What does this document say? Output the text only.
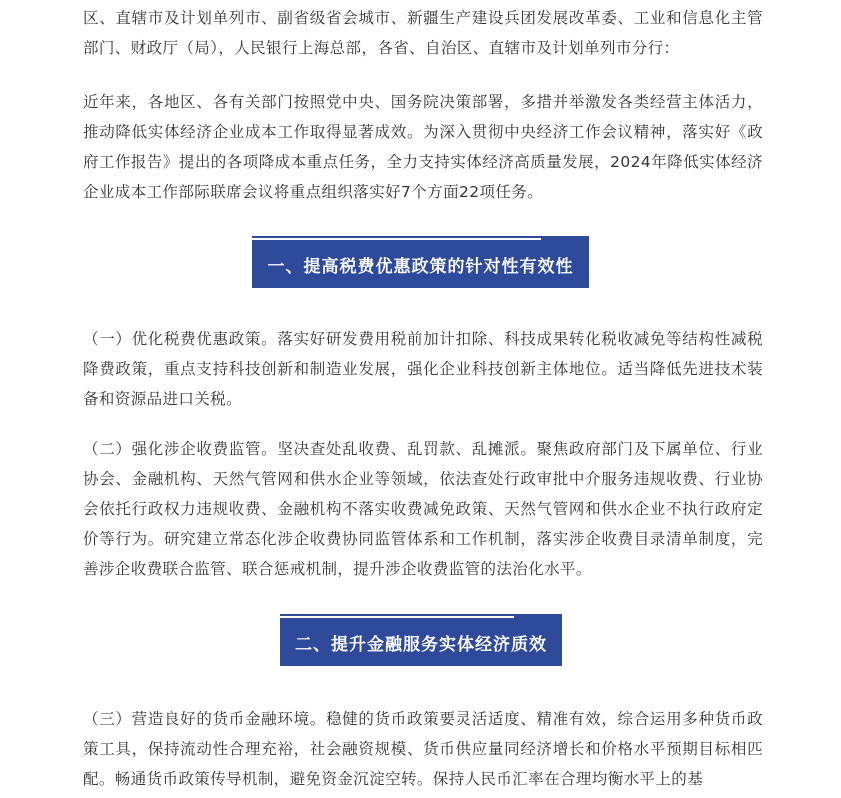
区、直辖市及计划单列市、副省级省会城市、新疆生产建设兵团发展改革委、工业和信息化主管部门、财政厅（局），人民银行上海总部，各省、自治区、直辖市及计划单列市分行：

近年来，各地区、各有关部门按照党中央、国务院决策部署，多措并举激发各类经营主体活力，推动降低实体经济企业成本工作取得显著成效。为深入贯彻中央经济工作会议精神，落实好《政府工作报告》提出的各项降成本重点任务，全力支持实体经济高质量发展，2024年降低实体经济企业成本工作部际联席会议将重点组织落实好7个方面22项任务。

一、提高税费优惠政策的针对性有效性

（一）优化税费优惠政策。落实好研发费用税前加计扣除、科技成果转化税收减免等结构性减税降费政策，重点支持科技创新和制造业发展，强化企业科技创新主体地位。适当降低先进技术装备和资源品进口关税。

（二）强化涉企收费监管。坚决查处乱收费、乱罚款、乱摊派。聚焦政府部门及下属单位、行业协会、金融机构、天然气管网和供水企业等领域，依法查处行政审批中介服务违规收费、行业协会依托行政权力违规收费、金融机构不落实收费减免政策、天然气管网和供水企业不执行政府定价等行为。研究建立常态化涉企收费协同监管体系和工作机制，落实涉企收费目录清单制度，完善涉企收费联合监管、联合惩戒机制，提升涉企收费监管的法治化水平。

二、提升金融服务实体经济质效

（三）营造良好的货币金融环境。稳健的货币政策要灵活适度、精准有效，综合运用多种货币政策工具，保持流动性合理充裕，社会融资规模、货币供应量同经济增长和价格水平预期目标相匹配。畅通货币政策传导机制，避免资金沉淀空转。保持人民币汇率在合理均衡水平上的基
